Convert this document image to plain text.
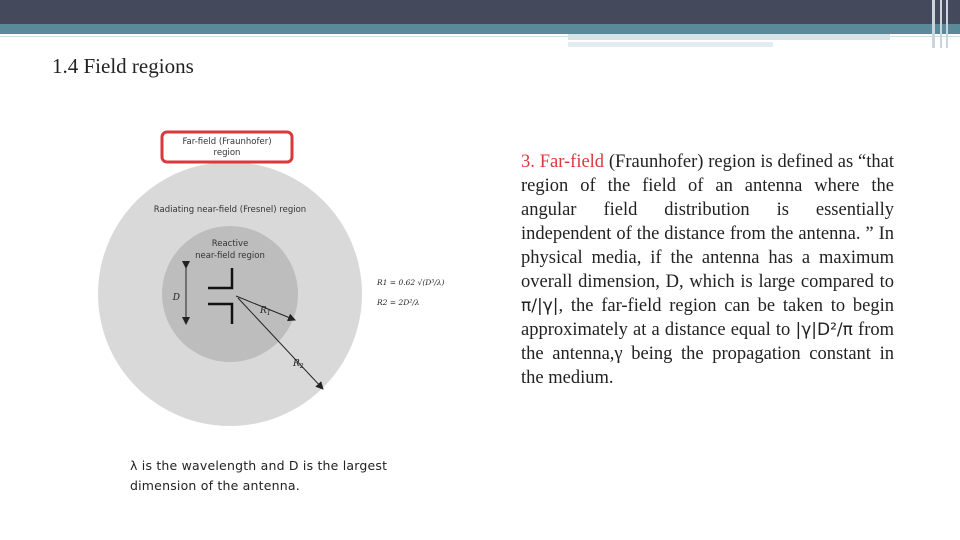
1.4 Field regions
Far-field (Fraunhofer)
region
Radiating near-field (Fresnel) region
Reactive
near-field region
D
$R_1$
$R_2$
R1 = 0.62 √(D³/λ)
R2 = 2D²/λ
λ is the wavelength and D is the largest dimension of the antenna.
3. Far-field (Fraunhofer) region is defined as “that region of the field of an antenna where the angular field distribution is essentially independent of the distance from the antenna. ” In physical media, if the antenna has a maximum overall dimension, D, which is large compared to π/|γ|, the far-field region can be taken to begin approximately at a distance equal to |γ|D²/π from the antenna,γ being the propagation constant in the medium.
